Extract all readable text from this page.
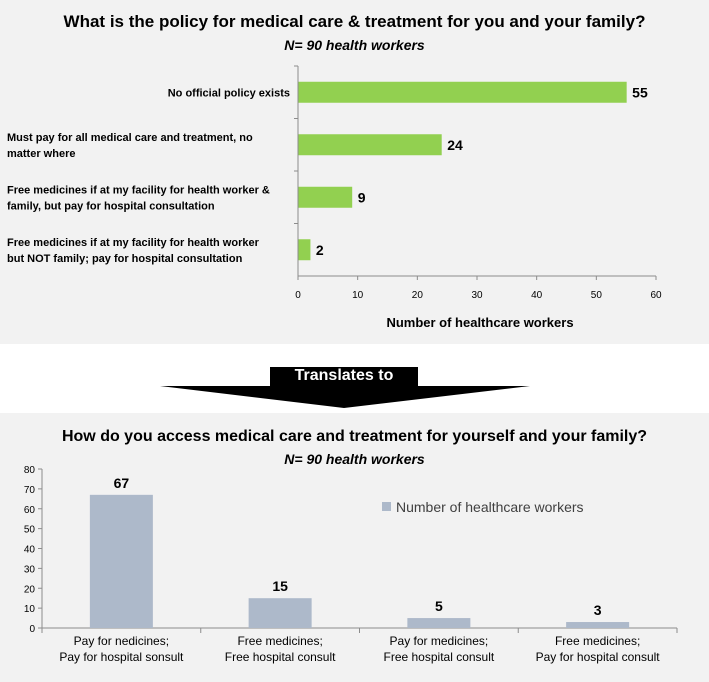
What is the policy for medical care & treatment for you and your family?
N= 90 health workers
Translates to
How do you access medical care and treatment for yourself and your family?
N= 90 health workers
0	10	20	30	40	50	60
55
No official policy exists
24
Must pay for all medical care and treatment, no
matter where
9
Free medicines if at my facility for health worker &
family, but pay for hospital consultation
2
Free medicines if at my facility for health worker
but NOT family; pay for hospital consultation
Number of healthcare workers
0
10
20
30
40
50
60
70
80
67
Pay for nedicines;
Pay for hospital sonsult
15
Free medicines;
Free hospital consult
5
Pay for medicines;
Free hospital consult
3
Free medicines;
Pay for hospital consult
Number of healthcare workers
